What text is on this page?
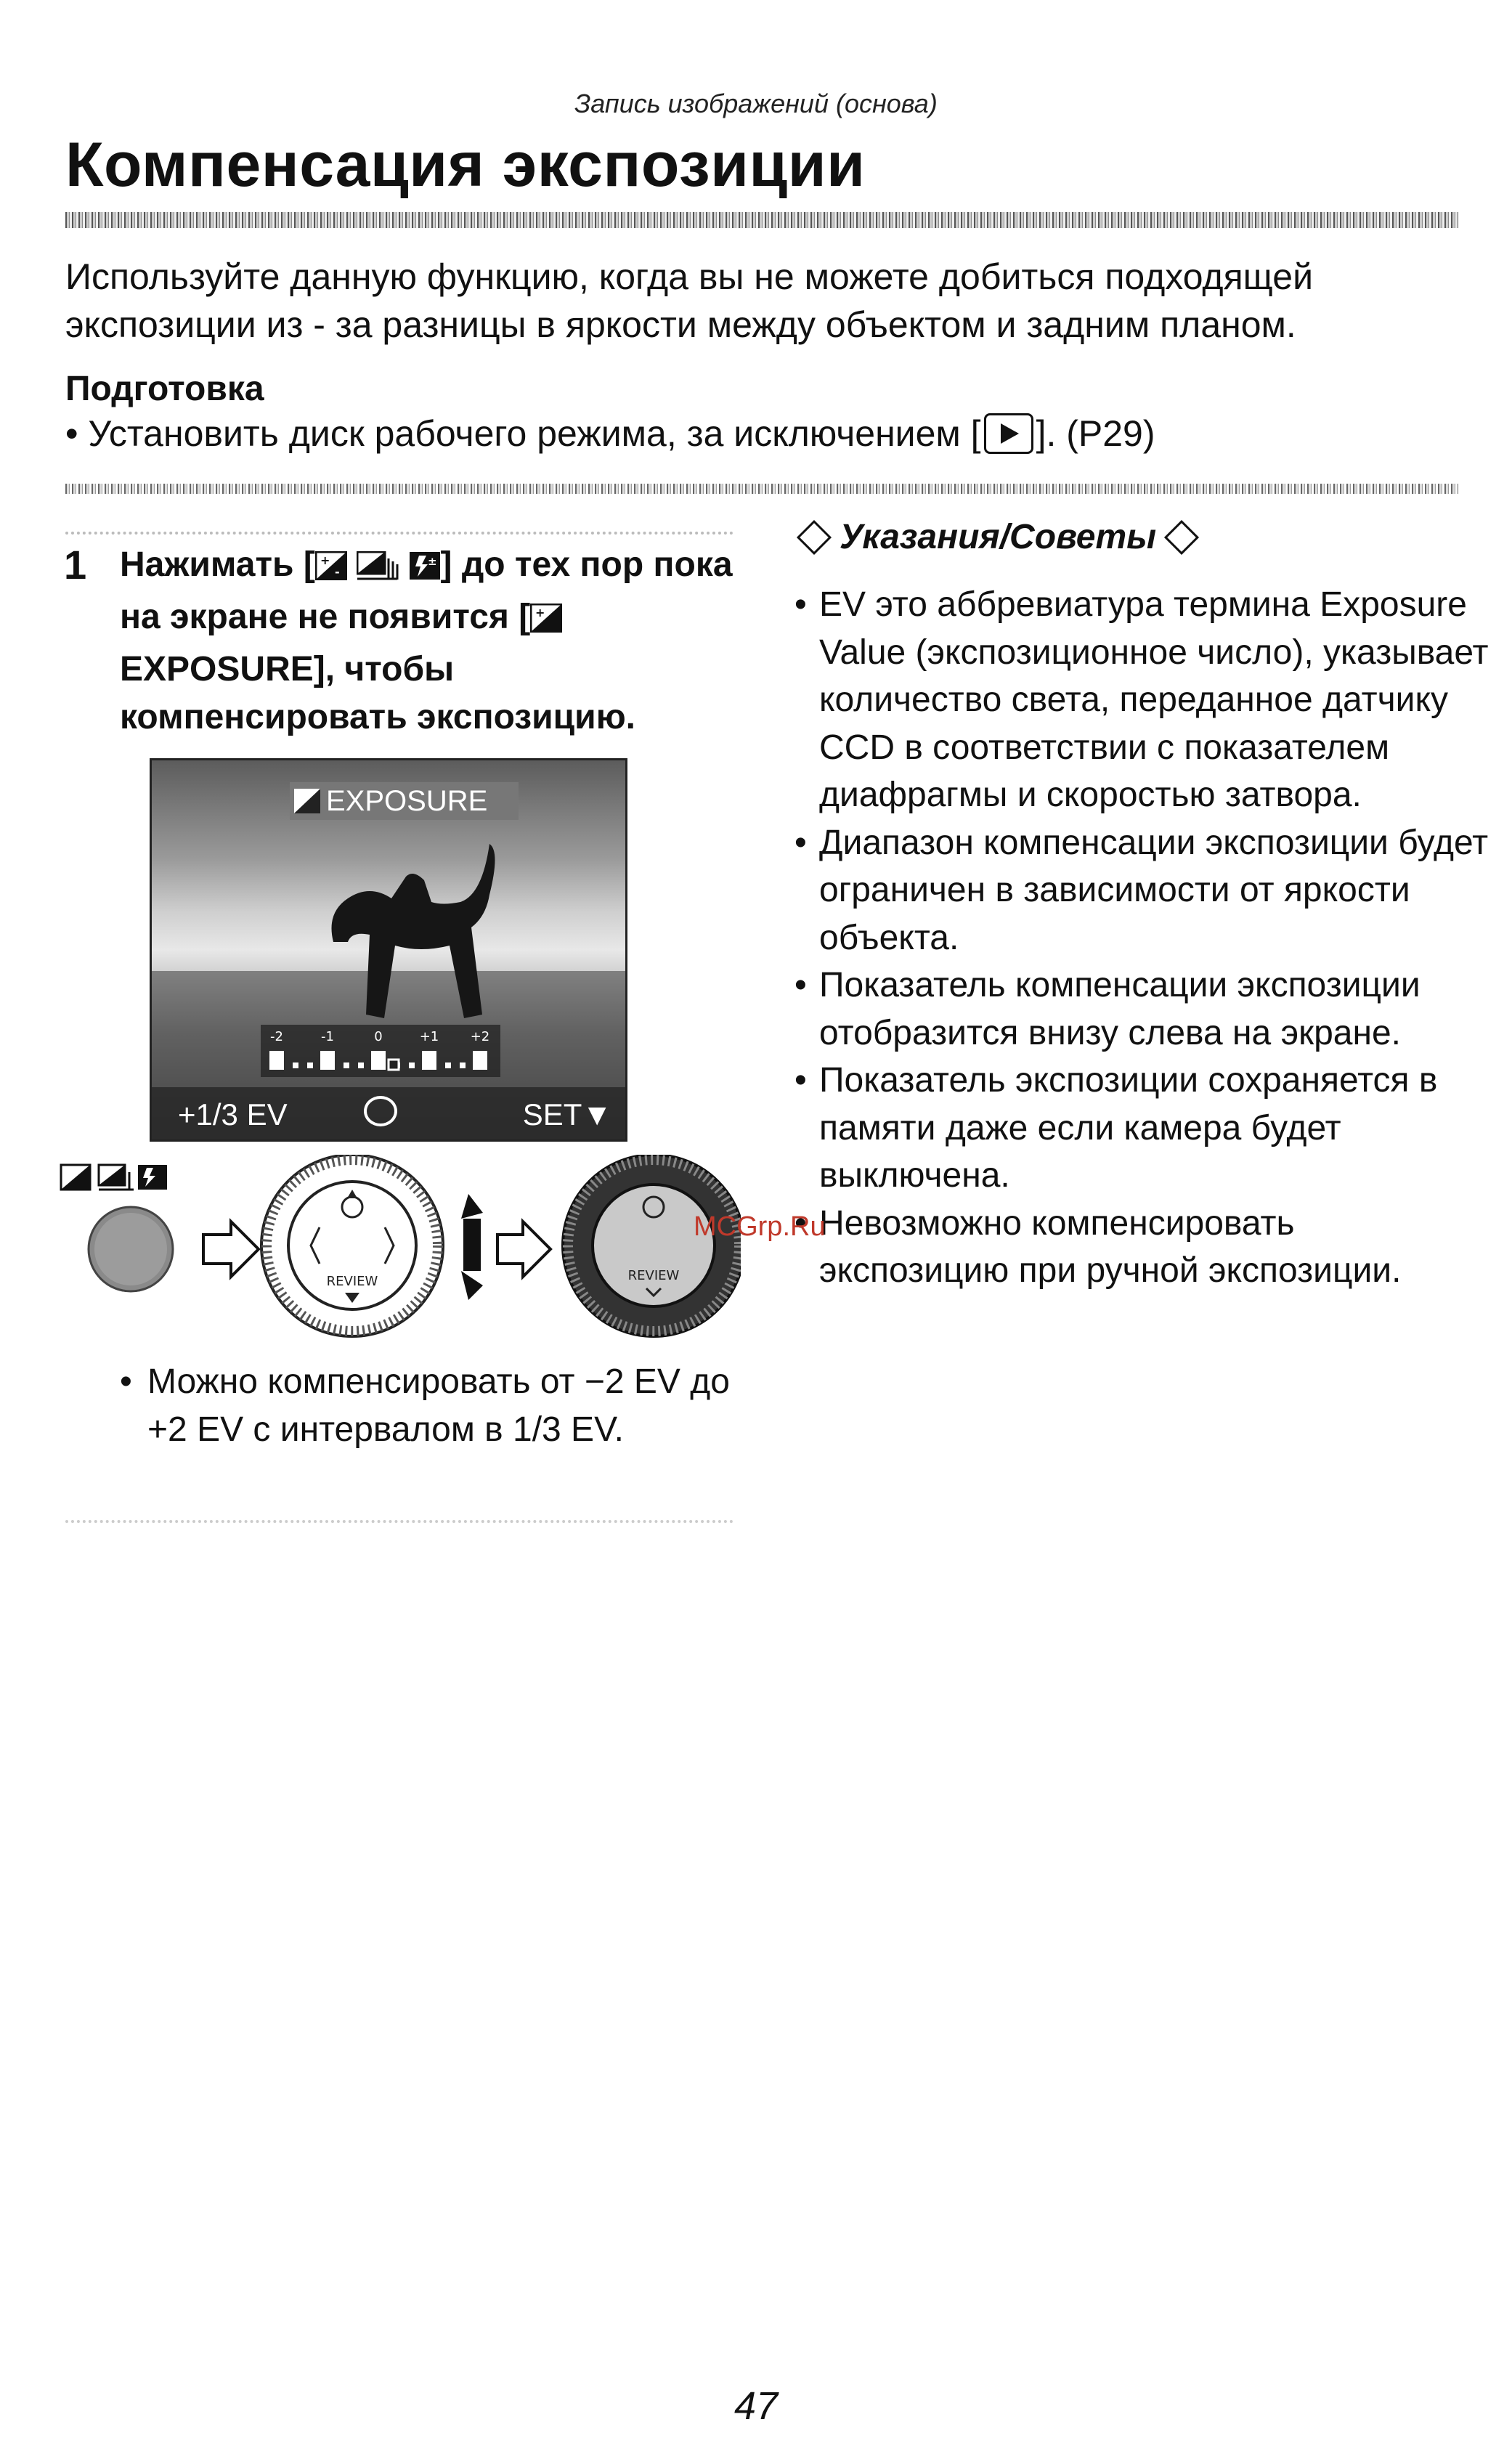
Запись изображений (основа)
Компенсация экспозиции

Используйте данную функцию, когда вы не можете добиться подходящей экспозиции из - за разницы в яркости между объектом и задним планом.

Подготовка

• Установить диск рабочего режима, за исключением [ ]. (P29)

1 Нажимать [ +
-

± ] до тех пор пока на экране не появится [ +
EXPOSURE], чтобы компенсировать экспозицию.

EXPOSURE
-2	-1	0	+1 +2
+1/3 EV	SET▼
REVIEW	REVIEW
• Можно компенсировать от −2 EV до +2 EV с интервалом в 1/3 EV.
Указания/Советы
• EV это аббревиатура термина Exposure Value (экспозиционное число), указывает количество света, переданное датчику CCD в соответствии с показателем диафрагмы и скоростью затвора.
• Диапазон компенсации экспозиции будет ограничен в зависимости от яркости объекта.
• Показатель компенсации экспозиции отобразится внизу слева на экране.
• Показатель экспозиции сохраняется в памяти даже если камера будет выключена.
• Невозможно компенсировать экспозицию при ручной экспозиции.
MCGrp.Ru
47
